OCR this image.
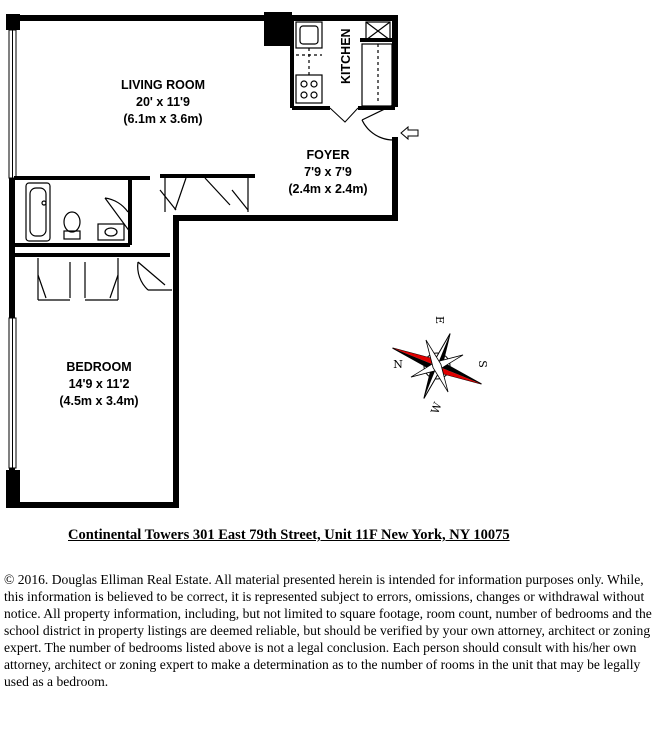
KITCHEN
LIVING ROOM
20' x 11'9
(6.1m x 3.6m)
FOYER
7'9 x 7'9
(2.4m x 2.4m)
BEDROOM
14'9 x 11'2
(4.5m x 3.4m)
N	S
E
W
Continental Towers 301 East 79th Street, Unit 11F New York, NY 10075
© 2016. Douglas Elliman Real Estate. All material presented herein is intended for information purposes only. While, this information is believed to be correct, it is represented subject to errors, omissions, changes or withdrawal without notice. All property information, including, but not limited to square footage, room count, number of bedrooms and the school district in property listings are deemed reliable, but should be verified by your own attorney, architect or zoning expert. The number of bedrooms listed above is not a legal conclusion. Each person should consult with his/her own attorney, architect or zoning expert to make a determination as to the number of rooms in the unit that may be legally used as a bedroom.
